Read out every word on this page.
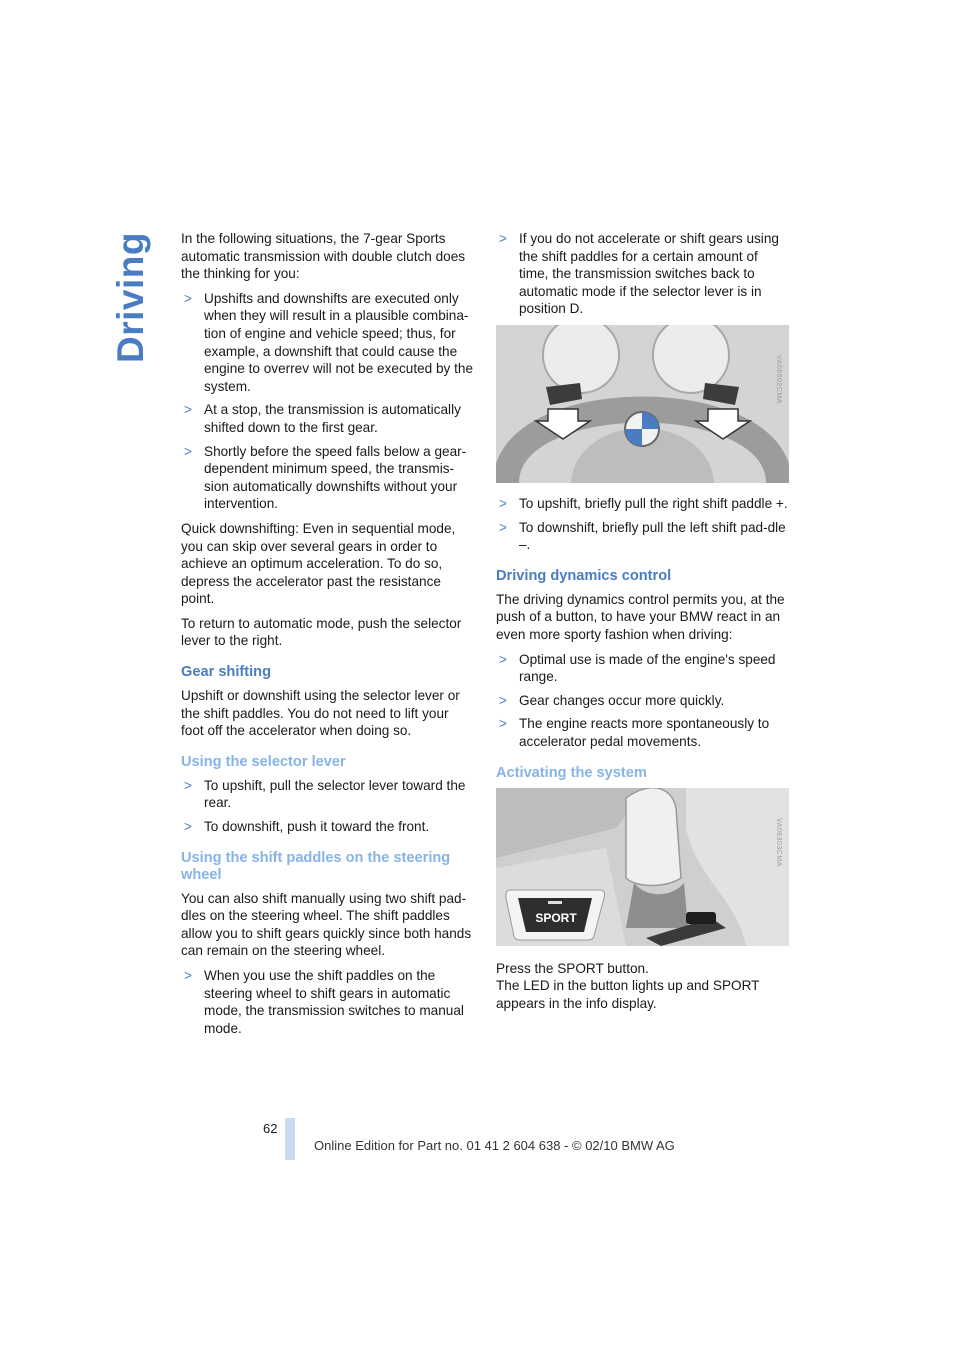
Driving In the following situations, the 7-gear Sports automatic transmission with double clutch does the thinking for you:

> Upshifts and downshifts are executed only when they will result in a plausible combina-tion of engine and vehicle speed; thus, for example, a downshift that could cause the engine to overrev will not be executed by the system.
> At a stop, the transmission is automatically shifted down to the first gear.
> Shortly before the speed falls below a gear-dependent minimum speed, the transmis-sion automatically downshifts without your intervention.

Quick downshifting: Even in sequential mode, you can skip over several gears in order to achieve an optimum acceleration. To do so, depress the accelerator past the resistance point.

To return to automatic mode, push the selector lever to the right.

Gear shifting

Upshift or downshift using the selector lever or the shift paddles. You do not need to lift your foot off the accelerator when doing so.

Using the selector lever
> To upshift, pull the selector lever toward the rear.
> To downshift, push it toward the front.
Using the shift paddles on the steering wheel

You can also shift manually using two shift pad-dles on the steering wheel. The shift paddles allow you to shift gears quickly since both hands can remain on the steering wheel.

> When you use the shift paddles on the steering wheel to shift gears in automatic mode, the transmission switches to manual mode.
> If you do not accelerate or shift gears using the shift paddles for a certain amount of time, the transmission switches back to automatic mode if the selector lever is in position D.
VA06602CMA
> To upshift, briefly pull the right shift paddle +.
> To downshift, briefly pull the left shift pad-dle –.
Driving dynamics control

The driving dynamics control permits you, at the push of a button, to have your BMW react in an even more sporty fashion when driving:

> Optimal use is made of the engine's speed range.
> Gear changes occur more quickly.
> The engine reacts more spontaneously to accelerator pedal movements.
Activating the system
SPORT
VA06303CMA

Press the SPORT button.
The LED in the button lights up and SPORT appears in the info display.

62
Online Edition for Part no. 01 41 2 604 638 - © 02/10 BMW AG
